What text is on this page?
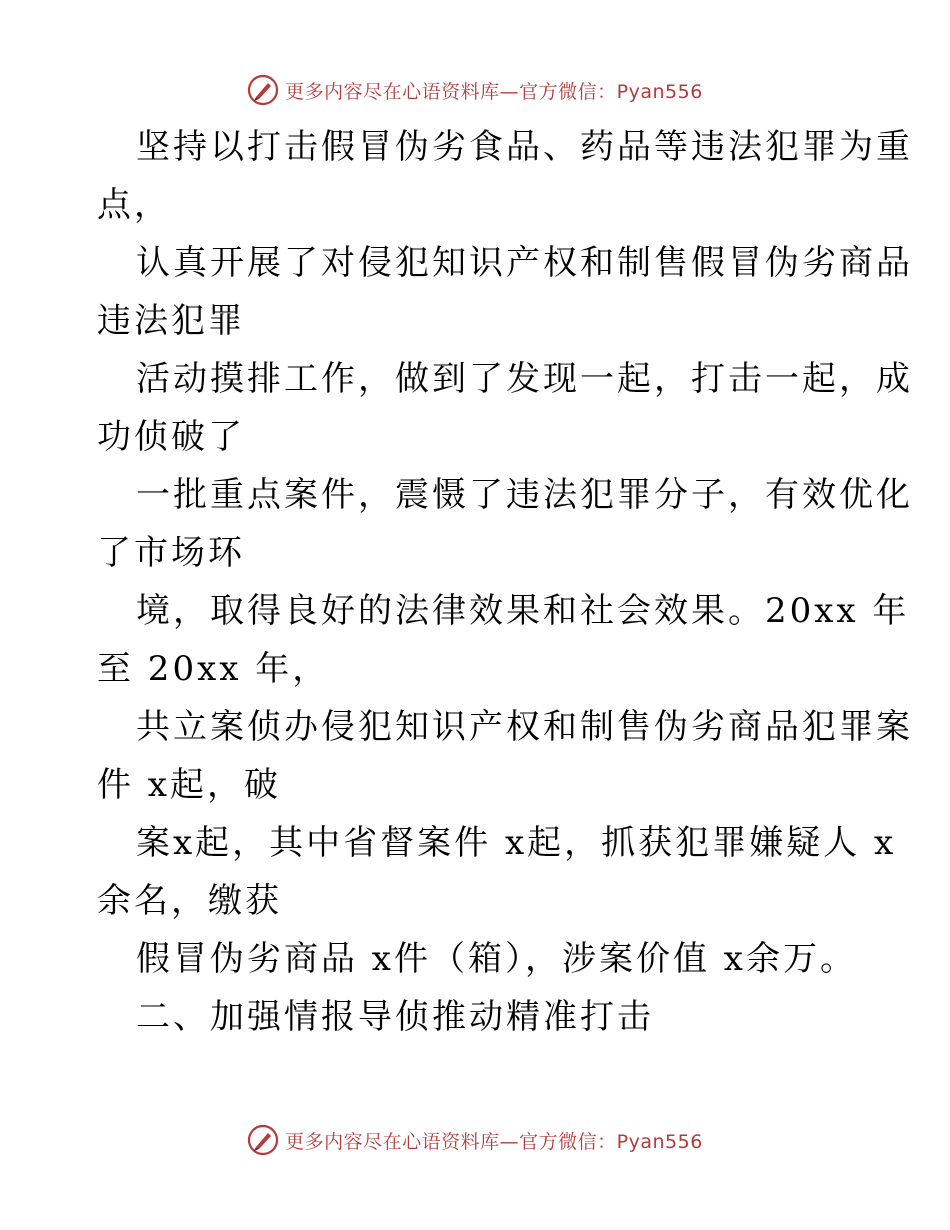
更多内容尽在心语资料库—官方微信：Pyan556

坚持以打击假冒伪劣食品、药品等违法犯罪为重
点，

认真开展了对侵犯知识产权和制售假冒伪劣商品
违法犯罪

活动摸排工作，做到了发现一起，打击一起，成
功侦破了

一批重点案件，震慑了违法犯罪分子，有效优化
了市场环

境，取得良好的法律效果和社会效果。20xx 年
至 20xx 年，

共立案侦办侵犯知识产权和制售伪劣商品犯罪案
件 x起，破

案x起，其中省督案件 x起，抓获犯罪嫌疑人 x
余名，缴获

假冒伪劣商品 x件（箱），涉案价值 x余万。

二、加强情报导侦推动精准打击

更多内容尽在心语资料库—官方微信：Pyan556
